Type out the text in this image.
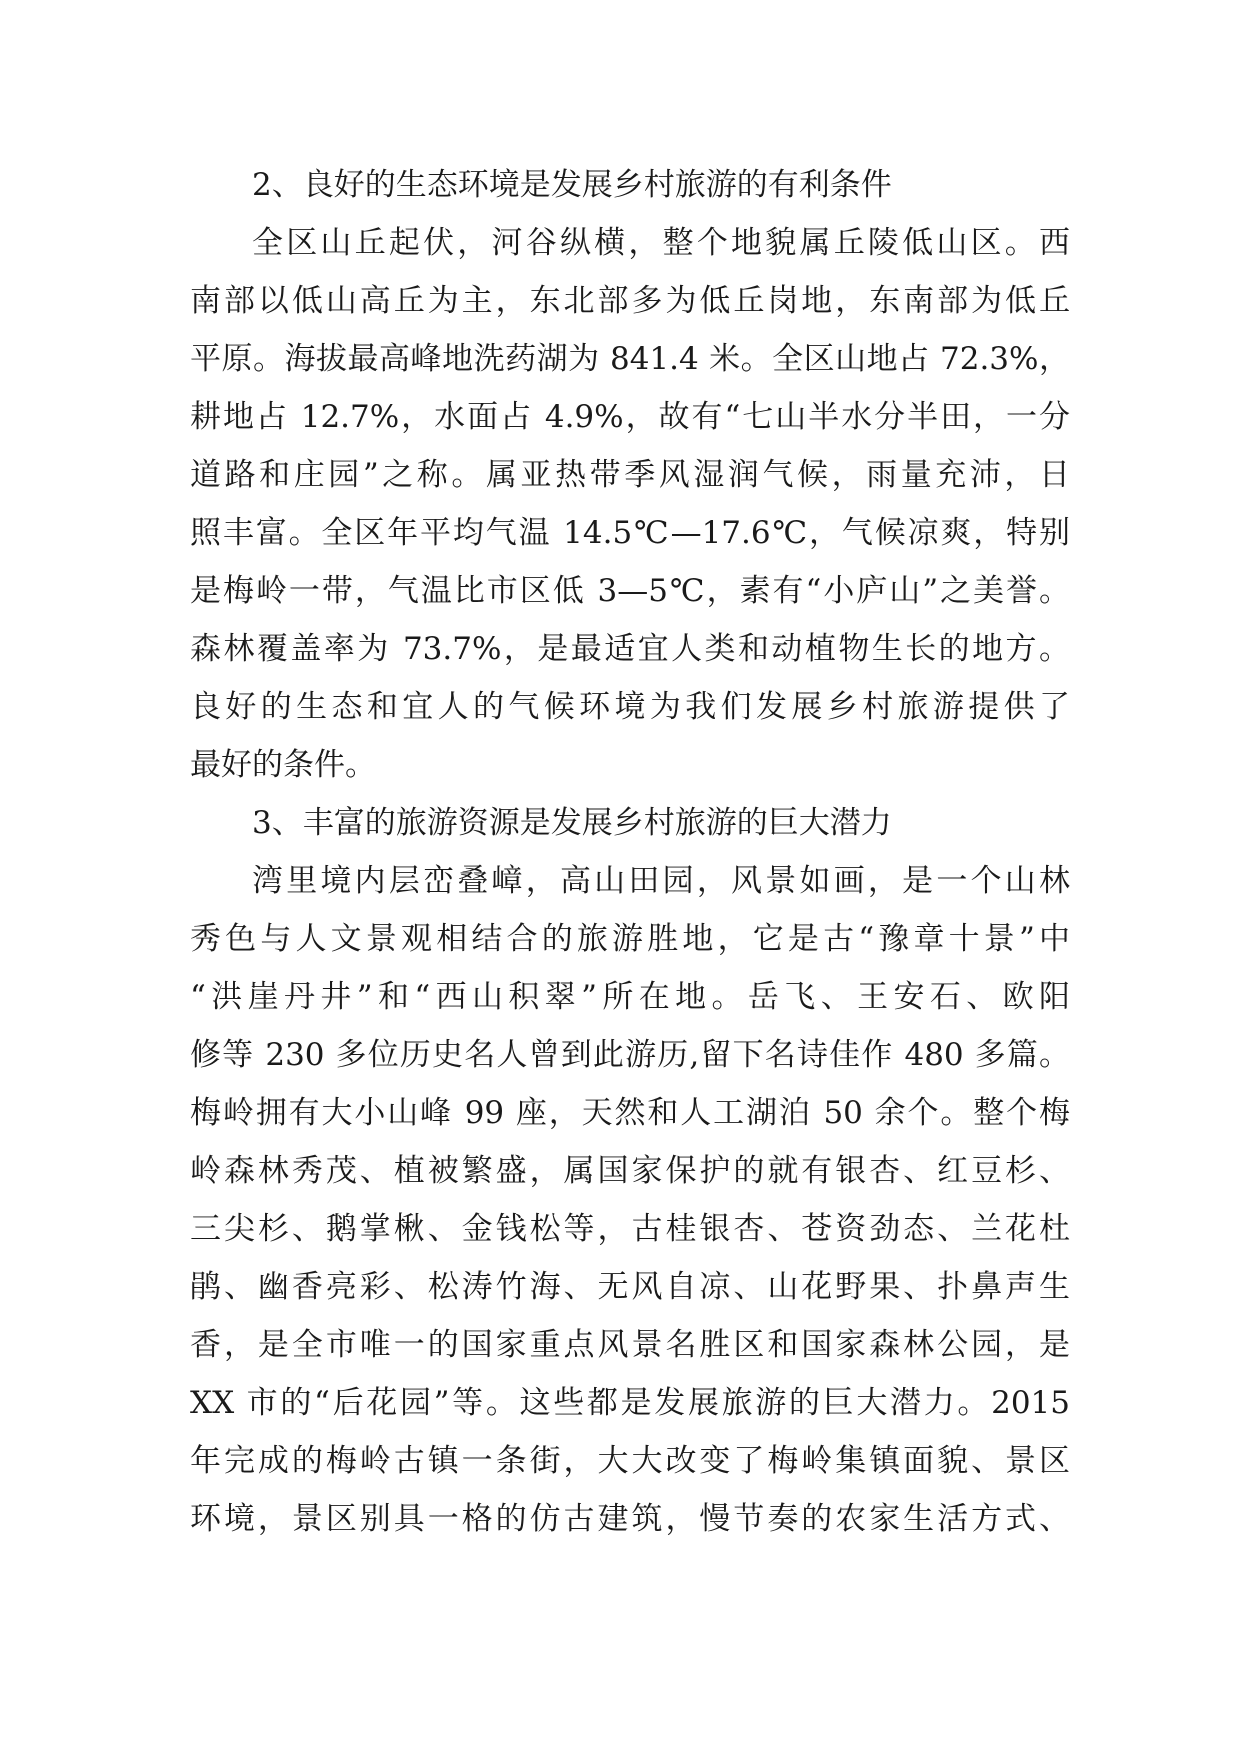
2、良好的生态环境是发展乡村旅游的有利条件
全区山丘起伏，河谷纵横，整个地貌属丘陵低山区。西
南部以低山高丘为主，东北部多为低丘岗地，东南部为低丘
平原。海拔最高峰地洗药湖为 841.4 米。全区山地占 72.3%，
耕地占 12.7%，水面占 4.9%，故有“七山半水分半田，一分
道路和庄园”之称。属亚热带季风湿润气候，雨量充沛，日
照丰富。全区年平均气温 14.5℃—17.6℃，气候凉爽，特别
是梅岭一带，气温比市区低 3—5℃，素有“小庐山”之美誉。
森林覆盖率为 73.7%，是最适宜人类和动植物生长的地方。
良好的生态和宜人的气候环境为我们发展乡村旅游提供了
最好的条件。
3、丰富的旅游资源是发展乡村旅游的巨大潜力
湾里境内层峦叠嶂，高山田园，风景如画，是一个山林
秀色与人文景观相结合的旅游胜地，它是古“豫章十景”中
“洪崖丹井”和“西山积翠”所在地。岳飞、王安石、欧阳
修等 230 多位历史名人曾到此游历,留下名诗佳作 480 多篇。
梅岭拥有大小山峰 99 座，天然和人工湖泊 50 余个。整个梅
岭森林秀茂、植被繁盛，属国家保护的就有银杏、红豆杉、
三尖杉、鹅掌楸、金钱松等，古桂银杏、苍资劲态、兰花杜
鹃、幽香亮彩、松涛竹海、无风自凉、山花野果、扑鼻声生
香，是全市唯一的国家重点风景名胜区和国家森林公园，是
XX 市的“后花园”等。这些都是发展旅游的巨大潜力。2015
年完成的梅岭古镇一条街，大大改变了梅岭集镇面貌、景区
环境，景区别具一格的仿古建筑，慢节奏的农家生活方式、
